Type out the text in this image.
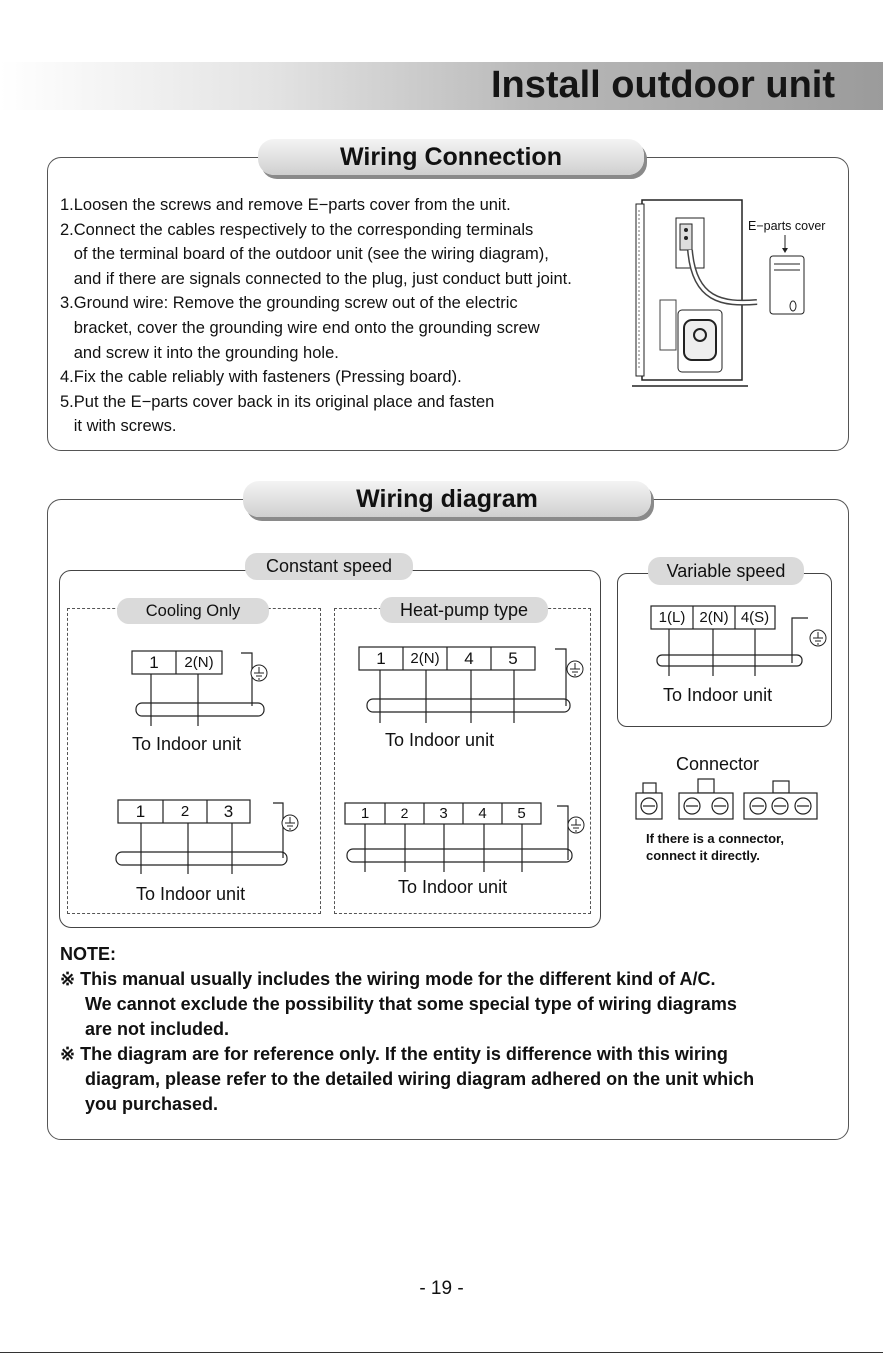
Install outdoor unit
Wiring Connection
1.Loosen the screws and remove E−parts cover from the unit.
2.Connect the cables respectively to the corresponding terminals
of the terminal board of the outdoor unit (see the wiring diagram),
and if there are signals connected to the plug, just conduct butt joint.
3.Ground wire: Remove the grounding screw out of the electric
bracket, cover the grounding wire end onto the grounding screw
and screw it into the grounding hole.
4.Fix the cable reliably with fasteners (Pressing board).
5.Put the E−parts cover back in its original place and fasten
it with screws.
E−parts cover
Wiring diagram
Constant speed
Cooling Only	Heat-pump type
Variable speed
1	2(N)
1	2	3
1	2(N)	4	5
1	2	3	4	5
1(L) 2(N) 4(S)
To Indoor unit	To Indoor unit
To Indoor unit	To Indoor unit
To Indoor unit
Connector
If there is a connector,
connect it directly.
NOTE:
※ This manual usually includes the wiring mode for the different kind of A/C.
We cannot exclude the possibility that some special type of wiring diagrams
are not included.
※ The diagram are for reference only. If the entity is difference with this wiring
diagram, please refer to the detailed wiring diagram adhered on the unit which
you purchased.
- 19 -
